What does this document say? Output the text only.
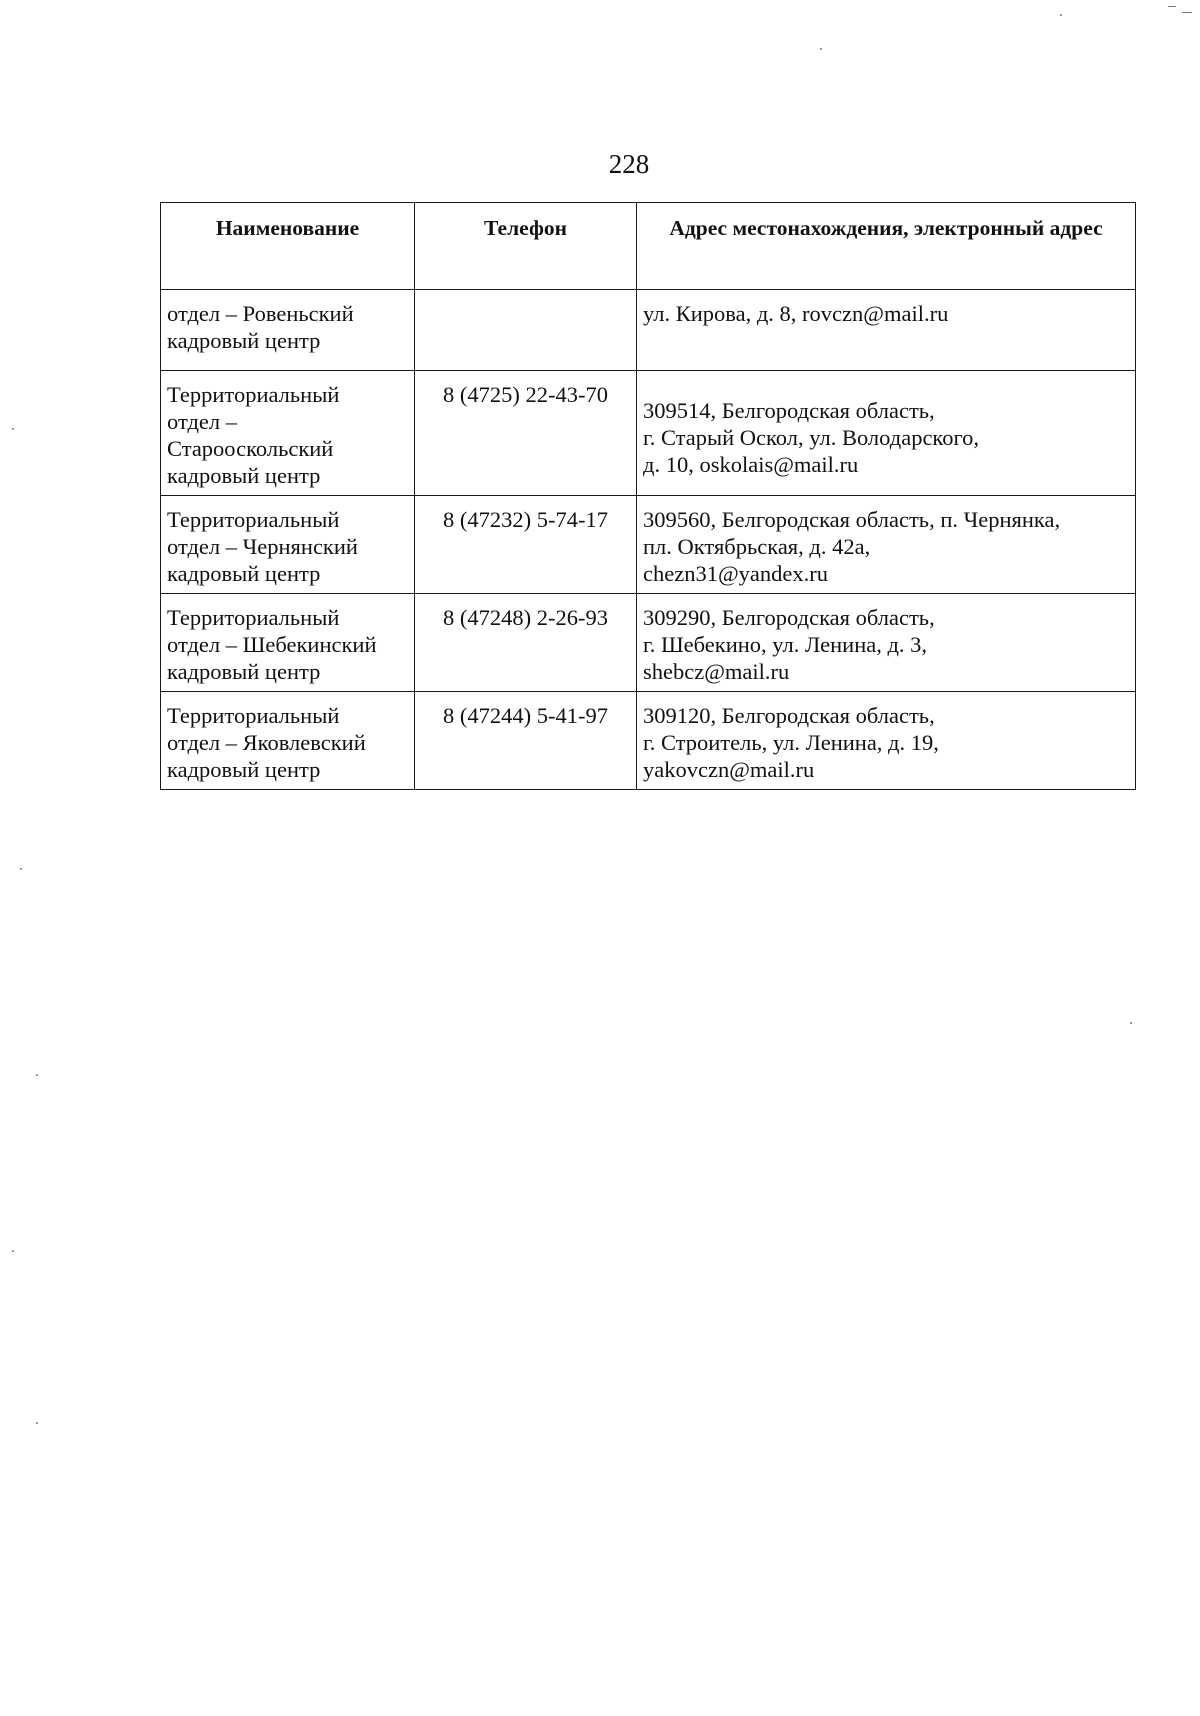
228
Наименование	Телефон	Адрес местонахождения, электронный адрес

отдел – Ровеньский
кадровый центр		ул. Кирова, д. 8, rovczn@mail.ru

Территориальный
отдел –
Старооскольский
кадровый центр	8 (4725) 22-43-70	309514, Белгородская область,
г. Старый Оскол, ул. Володарского,
д. 10, oskolais@mail.ru

Территориальный
отдел – Чернянский
кадровый центр	8 (47232) 5-74-17	309560, Белгородская область, п. Чернянка,
пл. Октябрьская, д. 42а,
chezn31@yandex.ru

Территориальный
отдел – Шебекинский
кадровый центр	8 (47248) 2-26-93	309290, Белгородская область,
г. Шебекино, ул. Ленина, д. 3,
shebcz@mail.ru

Территориальный
отдел – Яковлевский
кадровый центр	8 (47244) 5-41-97	309120, Белгородская область,
г. Строитель, ул. Ленина, д. 19,
yakovczn@mail.ru
